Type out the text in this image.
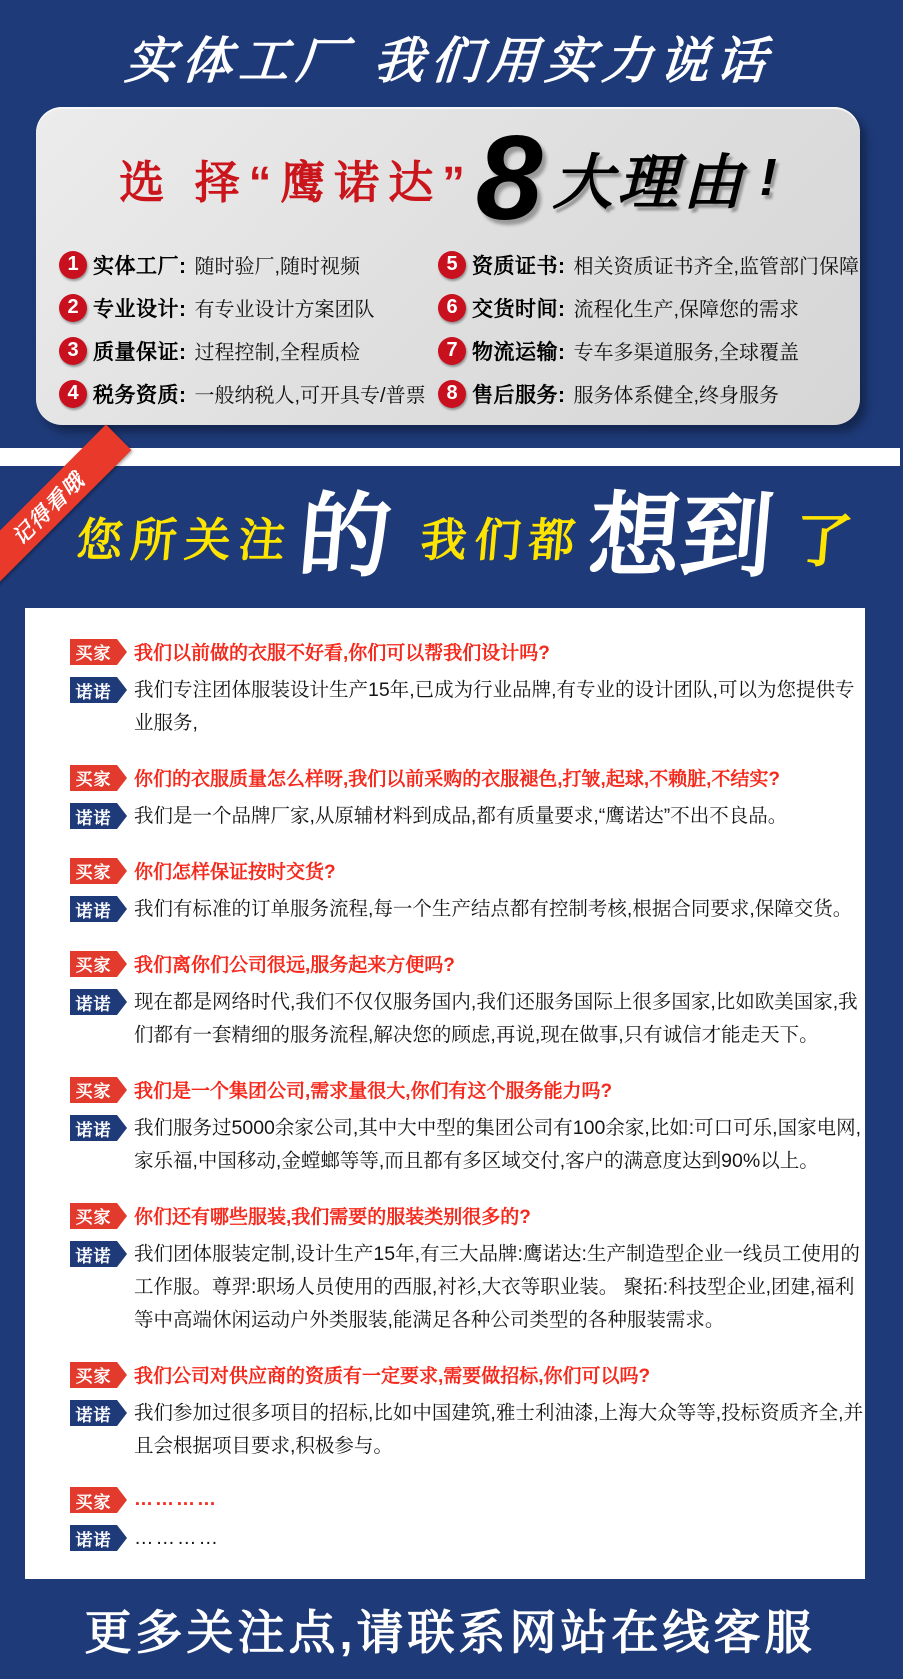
实体工厂 我们用实力说话
选 择 “鹰诺达” 8 大理由 !
1 实体工厂: 随时验厂,随时视频
2 专业设计: 有专业设计方案团队
3 质量保证: 过程控制,全程质检
4 税务资质: 一般纳税人,可开具专/普票
5 资质证书: 相关资质证书齐全,监管部门保障
6 交货时间: 流程化生产,保障您的需求
7 物流运输: 专车多渠道服务,全球覆盖
8 售后服务: 服务体系健全,终身服务
记得看哦
您所关注 的 我们都 想到 了
买家 我们以前做的衣服不好看,你们可以帮我们设计吗?
诺诺 我们专注团体服装设计生产15年,已成为行业品牌,有专业的设计团队,可以为您提供专业服务,
买家 你们的衣服质量怎么样呀,我们以前采购的衣服褪色,打皱,起球,不赖脏,不结实?
诺诺 我们是一个品牌厂家,从原辅材料到成品,都有质量要求,“鹰诺达”不出不良品。
买家 你们怎样保证按时交货?
诺诺 我们有标准的订单服务流程,每一个生产结点都有控制考核,根据合同要求,保障交货。
买家 我们离你们公司很远,服务起来方便吗?
诺诺 现在都是网络时代,我们不仅仅服务国内,我们还服务国际上很多国家,比如欧美国家,我们都有一套精细的服务流程,解决您的顾虑,再说,现在做事,只有诚信才能走天下。
买家 我们是一个集团公司,需求量很大,你们有这个服务能力吗?
诺诺 我们服务过5000余家公司,其中大中型的集团公司有100余家,比如:可口可乐,国家电网,家乐福,中国移动,金螳螂等等,而且都有多区域交付,客户的满意度达到90%以上。
买家 你们还有哪些服装,我们需要的服装类别很多的?
诺诺 我们团体服装定制,设计生产15年,有三大品牌:鹰诺达:生产制造型企业一线员工使用的工作服。尊羿:职场人员使用的西服,衬衫,大衣等职业装。 聚拓:科技型企业,团建,福利等中高端休闲运动户外类服装,能满足各种公司类型的各种服装需求。
买家 我们公司对供应商的资质有一定要求,需要做招标,你们可以吗?
诺诺 我们参加过很多项目的招标,比如中国建筑,雅士利油漆,上海大众等等,投标资质齐全,并且会根据项目要求,积极参与。
买家 …………
诺诺 …………
更多关注点,请联系网站在线客服
